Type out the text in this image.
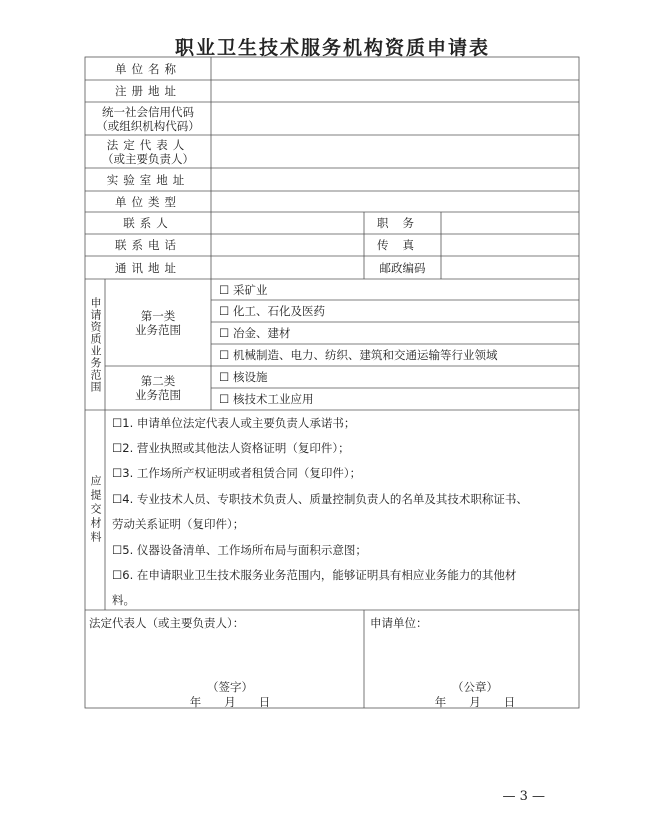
职业卫生技术服务机构资质申请表
单位名称
注册地址
统一社会信用代码
（或组织机构代码）
法定代表人
（或主要负责人）
实验室地址
单位类型
联系人
联系电话
通讯地址
职务
传真
邮政编码
申请资质业务范围	第一类
业务范围
☐ 采矿业
☐ 化工、石化及医药
☐ 冶金、建材
☐ 机械制造、电力、纺织、建筑和交通运输等行业领域
第二类
业务范围
☐ 核设施
☐ 核技术工业应用
应提交材料
☐1. 申请单位法定代表人或主要负责人承诺书；
☐2. 营业执照或其他法人资格证明（复印件）；
☐3. 工作场所产权证明或者租赁合同（复印件）；
☐4. 专业技术人员、专职技术负责人、质量控制负责人的名单及其技术职称证书、
劳动关系证明（复印件）；
☐5. 仪器设备清单、工作场所布局与面积示意图；
☐6. 在申请职业卫生技术服务业务范围内，能够证明具有相应业务能力的其他材
料。
法定代表人（或主要负责人）：
（签字）
年　　月　　日
申请单位：
（公章）
年　　月　　日
— 3 —
